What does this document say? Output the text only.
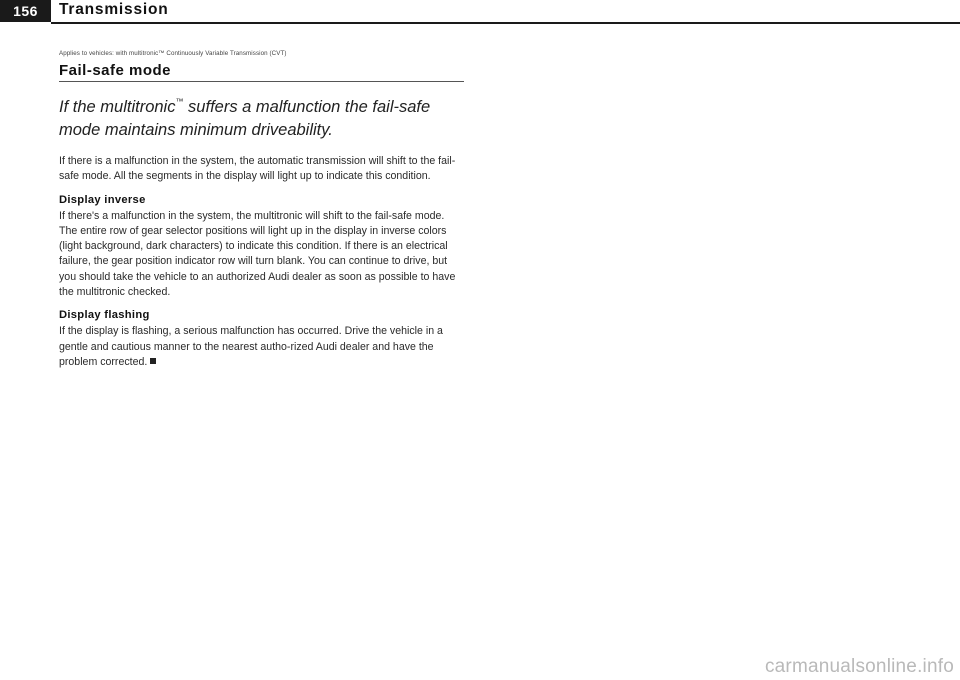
156	Transmission

Applies to vehicles: with multitronic™ Continuously Variable Transmission (CVT)

Fail-safe mode

If the multitronic™ suffers a malfunction the fail-safe mode maintains minimum driveability.

If there is a malfunction in the system, the automatic transmission will shift to the fail-safe mode. All the segments in the display will light up to indicate this condition.

Display inverse

If there's a malfunction in the system, the multitronic will shift to the fail-safe mode. The entire row of gear selector positions will light up in the display in inverse colors (light background, dark characters) to indicate this condition. If there is an electrical failure, the gear position indicator row will turn blank. You can continue to drive, but you should take the vehicle to an authorized Audi dealer as soon as possible to have the multitronic checked.

Display flashing

If the display is flashing, a serious malfunction has occurred. Drive the vehicle in a gentle and cautious manner to the nearest autho-rized Audi dealer and have the problem corrected.

carmanualsonline.info
